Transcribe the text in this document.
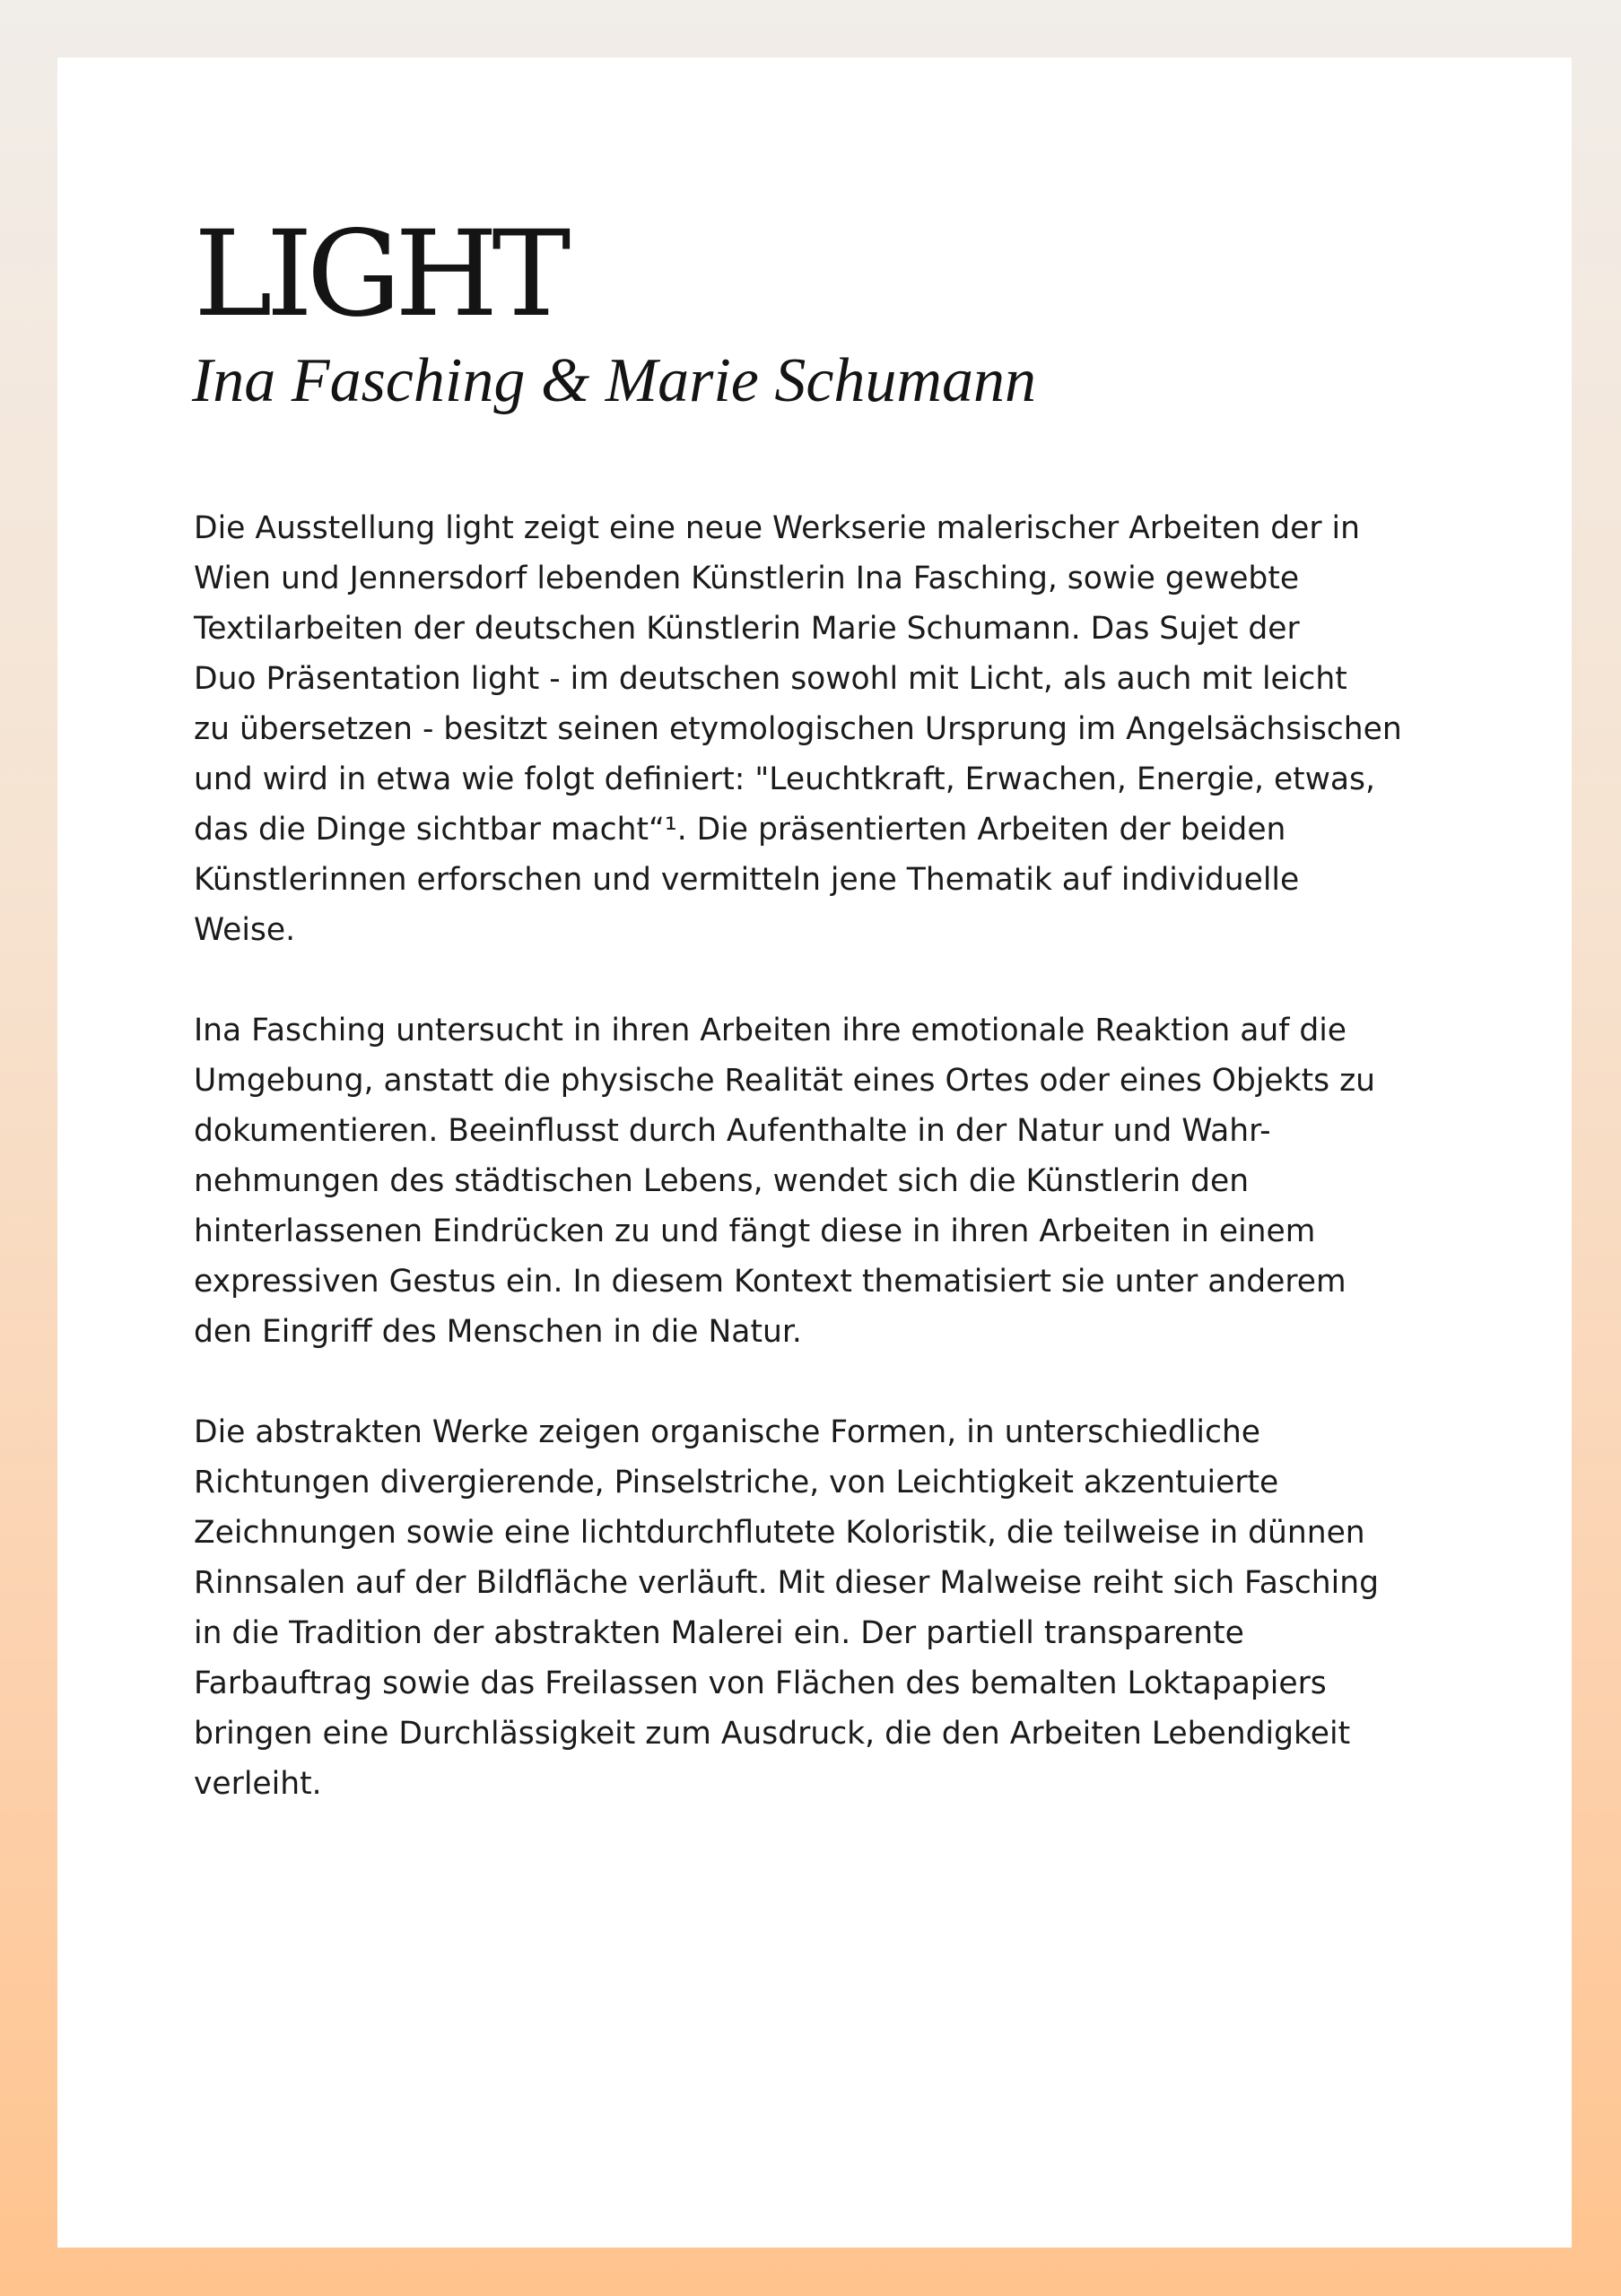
LIGHT
Ina Fasching & Marie Schumann

Die Ausstellung light zeigt eine neue Werkserie malerischer Arbeiten der in
Wien und Jennersdorf lebenden Künstlerin Ina Fasching, sowie gewebte
Textilarbeiten der deutschen Künstlerin Marie Schumann. Das Sujet der
Duo Präsentation light - im deutschen sowohl mit Licht, als auch mit leicht
zu übersetzen - besitzt seinen etymologischen Ursprung im Angelsächsischen
und wird in etwa wie folgt definiert: "Leuchtkraft, Erwachen, Energie, etwas,
das die Dinge sichtbar macht“¹. Die präsentierten Arbeiten der beiden
Künstlerinnen erforschen und vermitteln jene Thematik auf individuelle
Weise.

Ina Fasching untersucht in ihren Arbeiten ihre emotionale Reaktion auf die
Umgebung, anstatt die physische Realität eines Ortes oder eines Objekts zu
dokumentieren. Beeinflusst durch Aufenthalte in der Natur und Wahr-
nehmungen des städtischen Lebens, wendet sich die Künstlerin den
hinterlassenen Eindrücken zu und fängt diese in ihren Arbeiten in einem
expressiven Gestus ein. In diesem Kontext thematisiert sie unter anderem
den Eingriff des Menschen in die Natur.

Die abstrakten Werke zeigen organische Formen, in unterschiedliche
Richtungen divergierende, Pinselstriche, von Leichtigkeit akzentuierte
Zeichnungen sowie eine lichtdurchflutete Koloristik, die teilweise in dünnen
Rinnsalen auf der Bildfläche verläuft. Mit dieser Malweise reiht sich Fasching
in die Tradition der abstrakten Malerei ein. Der partiell transparente
Farbauftrag sowie das Freilassen von Flächen des bemalten Loktapapiers
bringen eine Durchlässigkeit zum Ausdruck, die den Arbeiten Lebendigkeit
verleiht.
